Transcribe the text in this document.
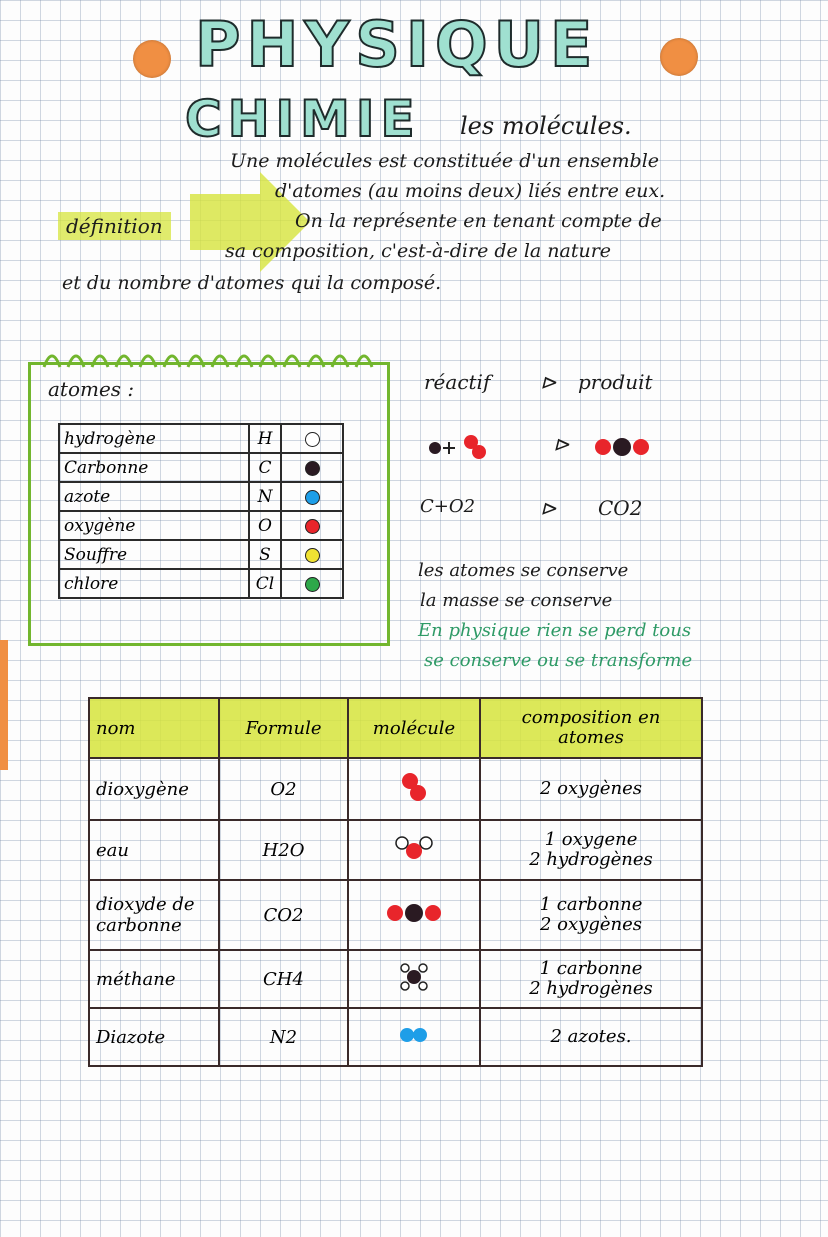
PHYSIQUE
CHIMIE les molécules.
définition
Une molécules est constituée d'un ensemble
d'atomes (au moins deux) liés entre eux.
On la représente en tenant compte de
sa composition, c'est-à-dire de la nature
et du nombre d'atomes qui la composé.
atomes :
hydrogène	H	
Carbonne	C	
azote	N	
oxygène	O	
Souffre	S	
chlore	Cl	
réactif ⊳ produit
⊳
C+O2	⊳ CO2
les atomes se conserve
la masse se conserve
En physique rien se perd tous
se conserve ou se transforme
nom	Formule	molécule	composition en atomes
dioxygène	O2		2 oxygènes

eau	H2O		1 oxygene
2 hydrogènes

dioxyde de carbonne	CO2		1 carbonne
2 oxygènes

méthane	CH4		1 carbonne
2 hydrogènes

Diazote	N2		2 azotes.
